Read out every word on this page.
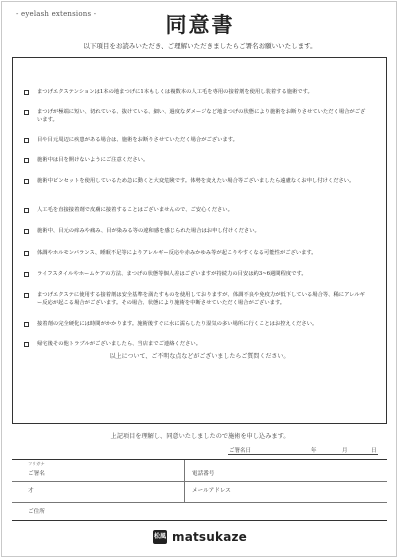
- eyelash extensions -	同意書
以下項目をお読みいただき、ご理解いただきましたらご署名お願いいたします。
まつげエクステンションは1本の地まつげに1本もしくは複数本の人工毛を専用の接着剤を使用し装着する施術です。
まつげが極端に短い、切れている、抜けている、細い、過度なダメージなど地まつげの状態により施術をお断りさせていただく場合がございます。
目や目元周辺に疾患がある場合は、施術をお断りさせていただく場合がございます。
施術中は目を開けないようにご注意ください。
施術中ピンセットを使用しているため急に動くと大変危険です。体勢を変えたい場合等ございましたら遠慮なくお申し付けください。
人工毛を直接接着剤で皮膚に接着することはございませんので、ご安心ください。
施術中、目元の痒みや痛み、目が染みる等の違和感を感じられた場合はお申し付けください。
体調やホルモンバランス、睡眠不足等によりアレルギー反応や赤みかゆみ等が起こりやすくなる可能性がございます。
ライフスタイルやホームケアの方法、まつげの状態等個人差はございますが持続力の目安は約3~6週間程度です。
まつげエクステに使用する接着剤は安全基準を満たすものを使用しておりますが、体調不良や免疫力が低下している場合等、稀にアレルギー反応が起こる場合がございます。その場合、状態により施術を中断させていただく場合がございます。
接着剤の完全硬化には時間がかかります。施術後すぐに水に濡らしたり湿気の多い場所に行くことはお控えください。
帰宅後その他トラブルがございましたら、当店までご連絡ください。
以上について、ご不明な点などがございましたらご質問ください。
上記項目を理解し、同意いたしましたので施術を申し込みます。
ご署名日	年	月	日
フリガナ
ご署名	電話番号
才	メールアドレス
ご住所
松風 matsukaze
